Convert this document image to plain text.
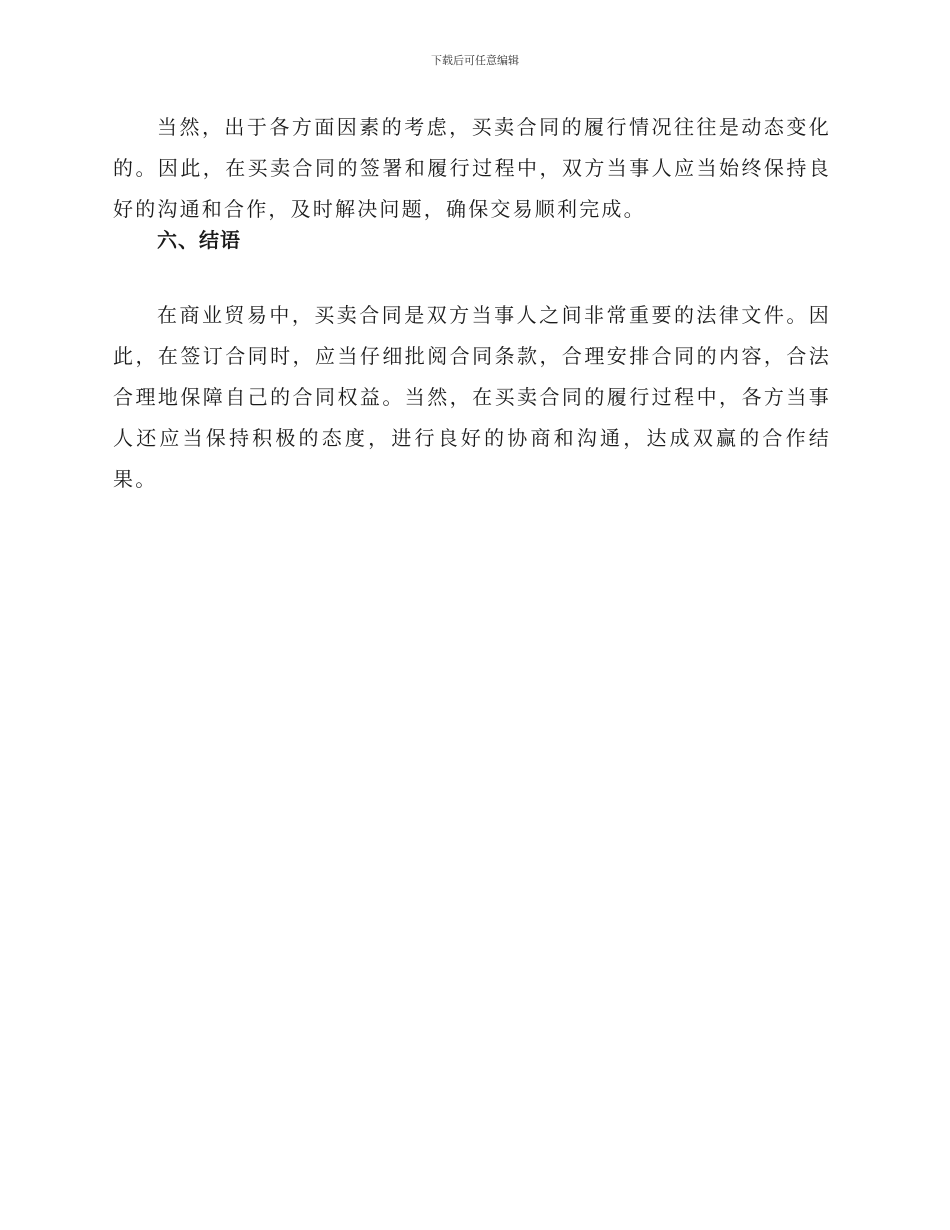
下载后可任意编辑

当然，出于各方面因素的考虑，买卖合同的履行情况往往是动态变化的。因此，在买卖合同的签署和履行过程中，双方当事人应当始终保持良好的沟通和合作，及时解决问题，确保交易顺利完成。

六、结语

在商业贸易中，买卖合同是双方当事人之间非常重要的法律文件。因此，在签订合同时，应当仔细批阅合同条款，合理安排合同的内容，合法合理地保障自己的合同权益。当然，在买卖合同的履行过程中，各方当事人还应当保持积极的态度，进行良好的协商和沟通，达成双赢的合作结果。
